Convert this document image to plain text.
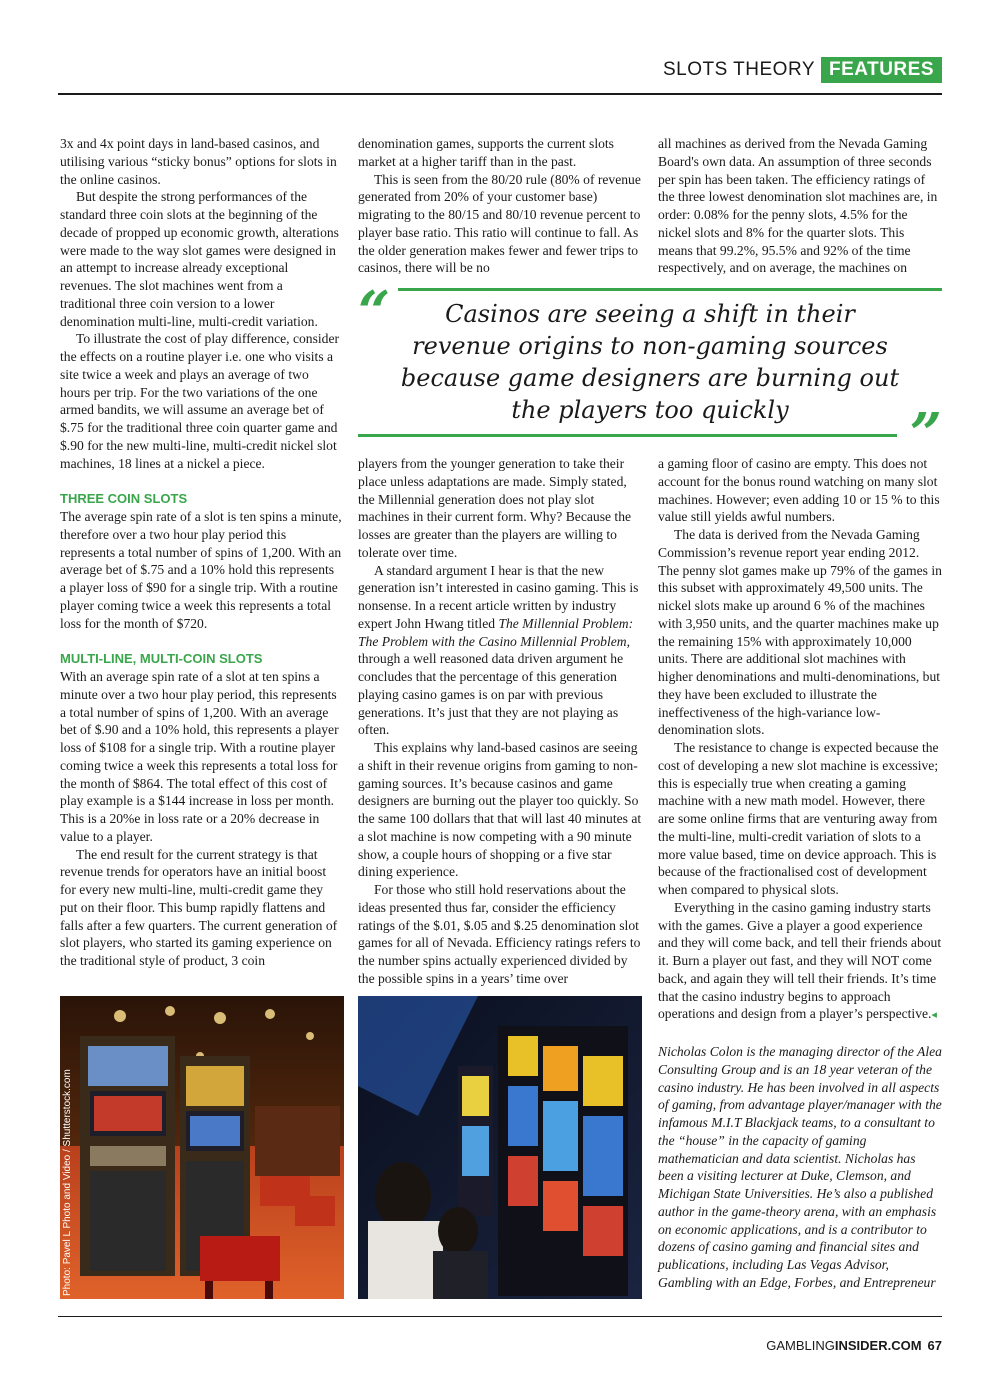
SLOTS THEORY FEATURES

3x and 4x point days in land-based casinos, and utilising various “sticky bonus” options for slots in the online casinos.

But despite the strong performances of the standard three coin slots at the beginning of the decade of propped up economic growth, alterations were made to the way slot games were designed in an attempt to increase already exceptional revenues. The slot machines went from a traditional three coin version to a lower denomination multi-line, multi-credit variation.

To illustrate the cost of play difference, consider the effects on a routine player i.e. one who visits a site twice a week and plays an average of two hours per trip. For the two variations of the one armed bandits, we will assume an average bet of $.75 for the traditional three coin quarter game and $.90 for the new multi-line, multi-credit nickel slot machines, 18 lines at a nickel a piece.

THREE COIN SLOTS

The average spin rate of a slot is ten spins a minute, therefore over a two hour play period this represents a total number of spins of 1,200. With an average bet of $.75 and a 10% hold this represents a player loss of $90 for a single trip. With a routine player coming twice a week this represents a total loss for the month of $720.

MULTI-LINE, MULTI-COIN SLOTS

With an average spin rate of a slot at ten spins a minute over a two hour play period, this represents a total number of spins of 1,200. With an average bet of $.90 and a 10% hold, this represents a player loss of $108 for a single trip. With a routine player coming twice a week this represents a total loss for the month of $864. The total effect of this cost of play example is a $144 increase in loss per month. This is a 20%e in loss rate or a 20% decrease in value to a player.

The end result for the current strategy is that revenue trends for operators have an initial boost for every new multi-line, multi-credit game they put on their floor. This bump rapidly flattens and falls after a few quarters. The current generation of slot players, who started its gaming experience on the traditional style of product, 3 coin

denomination games, supports the current slots market at a higher tariff than in the past.

This is seen from the 80/20 rule (80% of revenue generated from 20% of your customer base) migrating to the 80/15 and 80/10 revenue percent to player base ratio. This ratio will continue to fall. As the older generation makes fewer and fewer trips to casinos, there will be no

all machines as derived from the Nevada Gaming Board's own data. An assumption of three seconds per spin has been taken. The efficiency ratings of the three lowest denomination slot machines are, in order: 0.08% for the penny slots, 4.5% for the nickel slots and 8% for the quarter slots. This means that 99.2%, 95.5% and 92% of the time respectively, and on average, the machines on

“	Casinos are seeing a shift in their revenue origins to non-gaming sources because game designers are burning out the players too quickly	”

players from the younger generation to take their place unless adaptations are made. Simply stated, the Millennial generation does not play slot machines in their current form. Why? Because the losses are greater than the players are willing to tolerate over time.

A standard argument I hear is that the new generation isn’t interested in casino gaming. This is nonsense. In a recent article written by industry expert John Hwang titled The Millennial Problem: The Problem with the Casino Millennial Problem, through a well reasoned data driven argument he concludes that the percentage of this generation playing casino games is on par with previous generations. It’s just that they are not playing as often.

This explains why land-based casinos are seeing a shift in their revenue origins from gaming to non-gaming sources. It’s because casinos and game designers are burning out the player too quickly. So the same 100 dollars that that will last 40 minutes at a slot machine is now competing with a 90 minute show, a couple hours of shopping or a five star dining experience.

For those who still hold reservations about the ideas presented thus far, consider the efficiency ratings of the $.01, $.05 and $.25 denomination slot games for all of Nevada. Efficiency ratings refers to the number spins actually experienced divided by the possible spins in a years’ time over

a gaming floor of casino are empty. This does not account for the bonus round watching on many slot machines. However; even adding 10 or 15 % to this value still yields awful numbers.

The data is derived from the Nevada Gaming Commission’s revenue report year ending 2012. The penny slot games make up 79% of the games in this subset with approximately 49,500 units. The nickel slots make up around 6 % of the machines with 3,950 units, and the quarter machines make up the remaining 15% with approximately 10,000 units. There are additional slot machines with higher denominations and multi-denominations, but they have been excluded to illustrate the ineffectiveness of the high-variance low-denomination slots.

The resistance to change is expected because the cost of developing a new slot machine is excessive; this is especially true when creating a gaming machine with a new math model. However, there are some online firms that are venturing away from the multi-line, multi-credit variation of slots to a more value based, time on device approach. This is because of the fractionalised cost of development when compared to physical slots.

Everything in the casino gaming industry starts with the games. Give a player a good experience and they will come back, and tell their friends about it. Burn a player out fast, and they will NOT come back, and again they will tell their friends. It’s time that the casino industry begins to approach operations and design from a player’s perspective.◂

Nicholas Colon is the managing director of the Alea Consulting Group and is an 18 year veteran of the casino industry. He has been involved in all aspects of gaming, from advantage player/manager with the infamous M.I.T Blackjack teams, to a consultant to the “house” in the capacity of gaming mathematician and data scientist. Nicholas has been a visiting lecturer at Duke, Clemson, and Michigan State Universities. He’s also a published author in the game-theory arena, with an emphasis on economic applications, and is a contributor to dozens of casino gaming and financial sites and publications, including Las Vegas Advisor, Gambling with an Edge, Forbes, and Entrepreneur

Photo: Pavel L Photo and Video / Shutterstock.com
GAMBLINGINSIDER.COM 67
